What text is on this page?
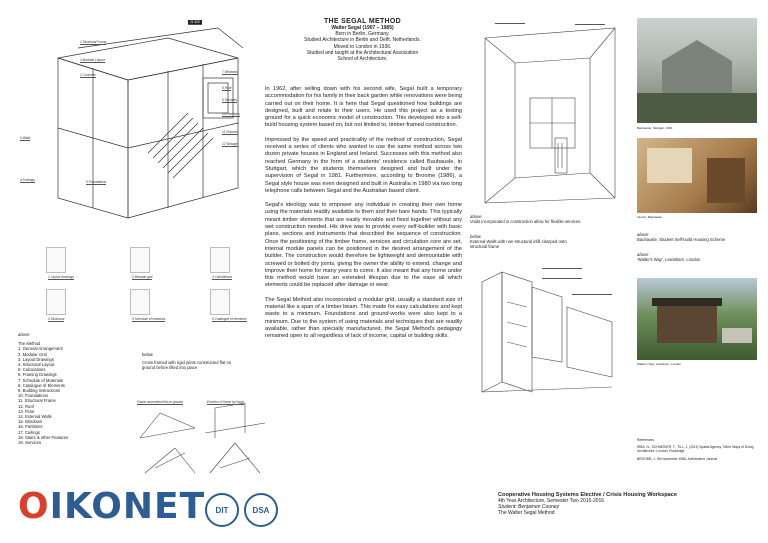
21 400
1 Structural Frame
3 Modular Layout
2 Concrete
7 Windows
8 Roof
9 Services
10 Partitions
11 Finishes
12 Storage
6 Walls
4 Footings	5 Foundations
1 Layout drawings	2 Modular grid	3 Calculations
4 Structural	5 Schedule of materials	6 Catalogue of elements
above
The Method
1. General Arrangement
2. Modular Grid
3. Layout Drawings
4. Structural Layout
5. Calculations
6. Framing Drawings
7. Schedule of Materials
8. Catalogue of Elements
9. Building Instructions
10. Foundations
11. Structural Frame
12. Roof
13. Floor
14. External Walls
15. Windows
16. Partitions
17. Ceilings
18. Stairs & other Features
19. Services
below
Cross framed with rigid joints constructed flat on ground before lifted into place
Frame assembled flat on ground	Erection of frame by hand
THE SEGAL METHOD
Walter Segal (1907 – 1985)
Born in Berlin, Germany.
Studied Architecture in Berlin and Delft, Netherlands.
Moved to London in 1936.
Studied and taught at the Architectural Association
School of Architecture.

In 1962, after selling down with his second wife, Segal built a temporary accommodation for his family in their back garden while renovations were being carried out on their home. It is here that Segal questioned how buildings are designed, built and relate to their users. He used this project as a testing ground for a quick economic model of construction. This developed into a self-build housing system based on, but not limited to, timber-framed construction.

Impressed by the speed and practicality of the method of construction, Segal received a series of clients who wanted to use the same method across two dozen private houses in England and Ireland. Successes with this method also reached Germany in the form of a students' residence called Bauhausle, in Stuttgart, which the students themselves designed and built under the supervision of Segal in 1981. Furthermore, according to Broome (1986), a Segal style house was even designed and built in Australia in 1980 via two long telephone calls between Segal and the Australian based client.

Segal's ideology was to empower any individual in creating their own home using the materials readily available to them and their bare hands. This typically meant timber elements that are easily movable and fixed together without any wet construction needed. His drive was to provide every self-builder with basic plans, sections and instruments that described the sequence of construction. Once the positioning of the timber frame, services and circulation core are set, internal module panels can be positioned in the desired arrangement of the builder. The construction would therefore be lightweight and demountable with screwed or bolted dry joints, giving the owner the ability to extend, change and improve their home for many years to come. It also meant that any home under this method would have an extended lifespan due to the ease all which elements could be replaced after damage or wear.

The Segal Method also incorporated a modular grid, usually a standard size of material like a span of a timber beam. This made for easy calculations and kept waste to a minimum. Foundations and ground-works were also kept to a minimum. Due to the system of using materials and techniques that are readily available, rather than specially manufactured, the Segal Method's pedagogy remained open to all regardless of lack of income, capital or building skills.

above
Voids incorporated in construction allow for flexible services
below
External Walls with non-structural infill clamped onto structural frame
Bauhausle, Stuttgart, 1981
Interior, Bauhausle
above
Bauhausle, Student Self-build Housing Scheme
above
'Walter's Way', Lewisham, London
Walter's Way, Lewisham, London
References
RIBA, N., SCHNEIDER, T., TILL, J. (2011) Spatial Agency: Other Ways of Doing Architecture. London, Routledge
BROOME, J. 5th November 1986, Architecture Journal
Cooperative Housing Systems Elective / Crisis Housing Workspace
4th Year Architecture, Semester Two 2015-2016
Student: Benjamen Cooney
The Walter Segal Method
OIKONET DIT	DSA
